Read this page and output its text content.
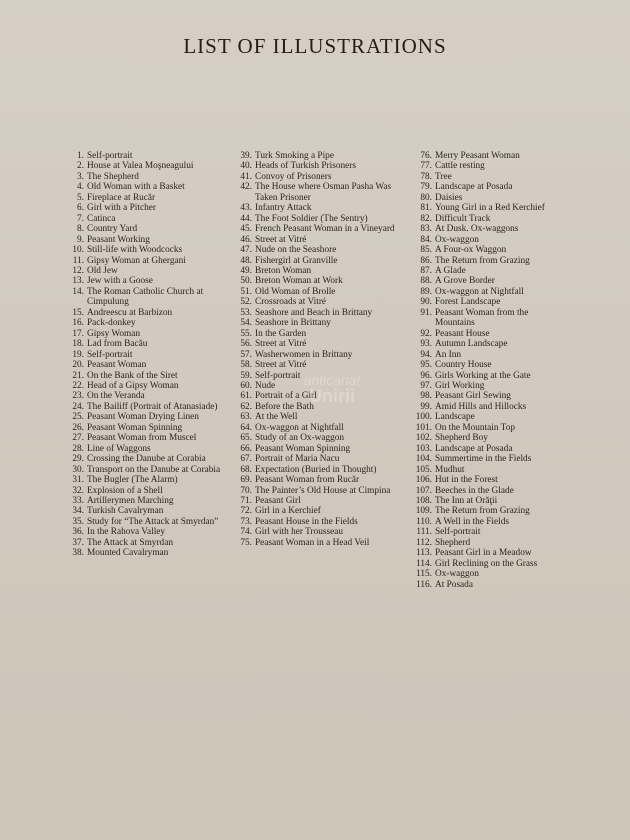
LIST OF ILLUSTRATIONS
1. Self-portrait
2. House at Valea Moşneagului
3. The Shepherd
4. Old Woman with a Basket
5. Fireplace at Rucăr
6. Girl with a Pitcher
7. Catinca
8. Country Yard
9. Peasant Working
10. Still-life with Woodcocks
11. Gipsy Woman at Ghergani
12. Old Jew
13. Jew with a Goose
14. The Roman Catholic Church at Cimpulung
15. Andreescu at Barbizon
16. Pack-donkey
17. Gipsy Woman
18. Lad from Bacău
19. Self-portrait
20. Peasant Woman
21. On the Bank of the Siret
22. Head of a Gipsy Woman
23. On the Veranda
24. The Bailiff (Portrait of Atanasiade)
25. Peasant Woman Drying Linen
26. Peasant Woman Spinning
27. Peasant Woman from Muscel
28. Line of Waggons
29. Crossing the Danube at Corabia
30. Transport on the Danube at Corabia
31. The Bugler (The Alarm)
32. Explosion of a Shell
33. Artillerymen Marching
34. Turkish Cavalryman
35. Study for “The Attack at Smyrdan”
36. In the Rahova Valley
37. The Attack at Smyrdan
38. Mounted Cavalryman
39. Turk Smoking a Pipe
40. Heads of Turkish Prisoners
41. Convoy of Prisoners
42. The House where Osman Pasha Was Taken Prisoner
43. Infantry Attack
44. The Foot Soldier (The Sentry)
45. French Peasant Woman in a Vineyard
46. Street at Vitré
47. Nude on the Seashore
48. Fishergirl at Granville
49. Breton Woman
50. Breton Woman at Work
51. Old Woman of Brolle
52. Crossroads at Vitré
53. Seashore and Beach in Brittany
54. Seashore in Brittany
55. In the Garden
56. Street at Vitré
57. Washerwomen in Brittany
58. Street at Vitré
59. Self-portrait
60. Nude
61. Portrait of a Girl
62. Before the Bath
63. At the Well
64. Ox-waggon at Nightfall
65. Study of an Ox-waggon
66. Peasant Woman Spinning
67. Portrait of Maria Nacu
68. Expectation (Buried in Thought)
69. Peasant Woman from Rucăr
70. The Painter’s Old House at Cimpina
71. Peasant Girl
72. Girl in a Kerchief
73. Peasant House in the Fields
74. Girl with her Trousseau
75. Peasant Woman in a Head Veil
76. Merry Peasant Woman
77. Cattle resting
78. Tree
79. Landscape at Posada
80. Daisies
81. Young Girl in a Red Kerchief
82. Difficult Track
83. At Dusk. Ox-waggons
84. Ox-waggon
85. A Four-ox Waggon
86. The Return from Grazing
87. A Glade
88. A Grove Border
89. Ox-waggon at Nightfall
90. Forest Landscape
91. Peasant Woman from the Mountains
92. Peasant House
93. Autumn Landscape
94. An Inn
95. Country House
96. Girls Working at the Gate
97. Girl Working
98. Peasant Girl Sewing
99. Amid Hills and Hillocks
100. Landscape
101. On the Mountain Top
102. Shepherd Boy
103. Landscape at Posada
104. Summertime in the Fields
105. Mudhut
106. Hut in the Forest
107. Beeches in the Glade
108. The Inn at Orăţii
109. The Return from Grazing
110. A Well in the Fields
111. Self-portrait
112. Shepherd
113. Peasant Girl in a Meadow
114. Girl Reclining on the Grass
115. Ox-waggon
116. At Posada
anticariat
Unirii
